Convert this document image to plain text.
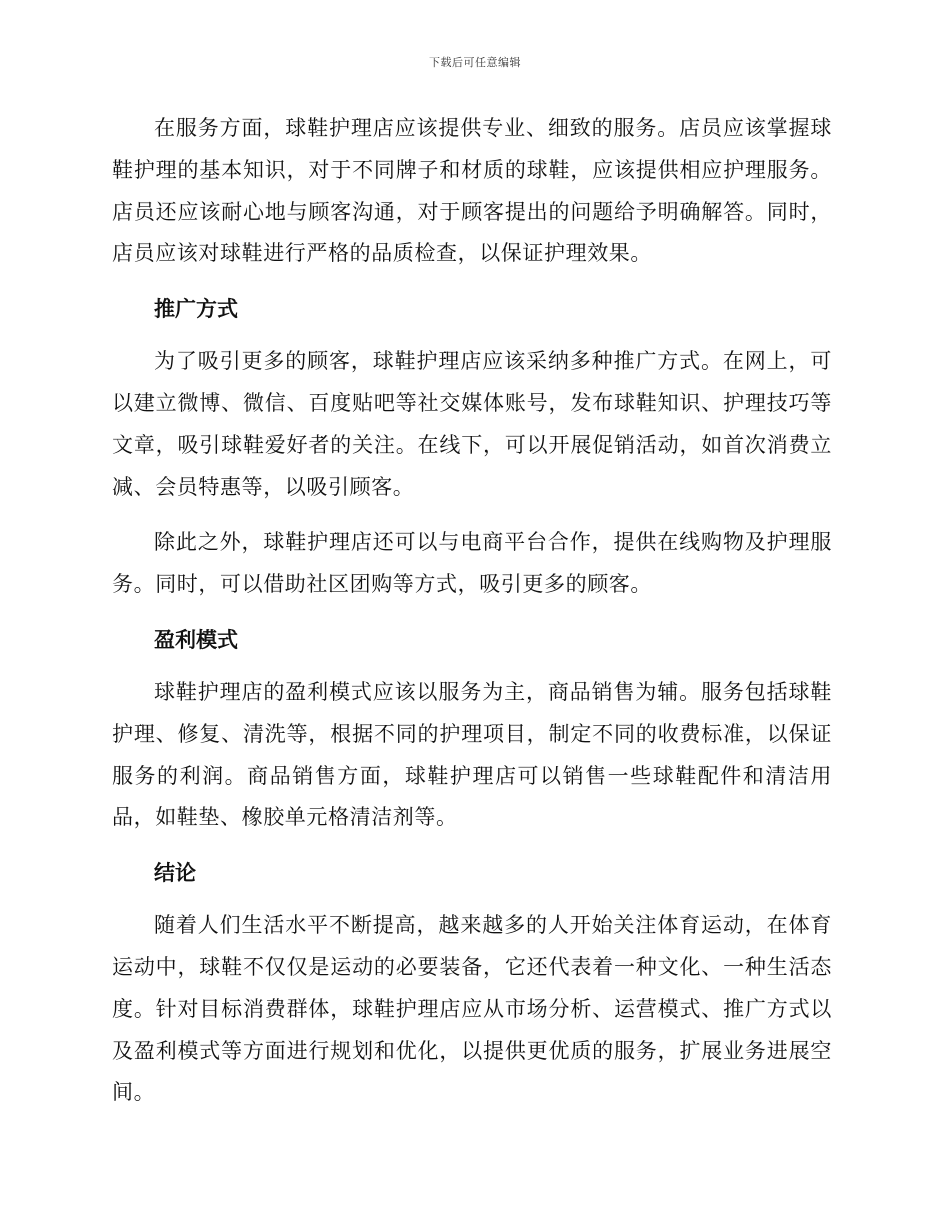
下载后可任意编辑

在服务方面，球鞋护理店应该提供专业、细致的服务。店员应该掌握球鞋护理的基本知识，对于不同牌子和材质的球鞋，应该提供相应护理服务。店员还应该耐心地与顾客沟通，对于顾客提出的问题给予明确解答。同时，店员应该对球鞋进行严格的品质检查，以保证护理效果。

推广方式

为了吸引更多的顾客，球鞋护理店应该采纳多种推广方式。在网上，可以建立微博、微信、百度贴吧等社交媒体账号，发布球鞋知识、护理技巧等文章，吸引球鞋爱好者的关注。在线下，可以开展促销活动，如首次消费立减、会员特惠等，以吸引顾客。

除此之外，球鞋护理店还可以与电商平台合作，提供在线购物及护理服务。同时，可以借助社区团购等方式，吸引更多的顾客。

盈利模式

球鞋护理店的盈利模式应该以服务为主，商品销售为辅。服务包括球鞋护理、修复、清洗等，根据不同的护理项目，制定不同的收费标准，以保证服务的利润。商品销售方面，球鞋护理店可以销售一些球鞋配件和清洁用品，如鞋垫、橡胶单元格清洁剂等。

结论

随着人们生活水平不断提高，越来越多的人开始关注体育运动，在体育运动中，球鞋不仅仅是运动的必要装备，它还代表着一种文化、一种生活态度。针对目标消费群体，球鞋护理店应从市场分析、运营模式、推广方式以及盈利模式等方面进行规划和优化，以提供更优质的服务，扩展业务进展空间。
